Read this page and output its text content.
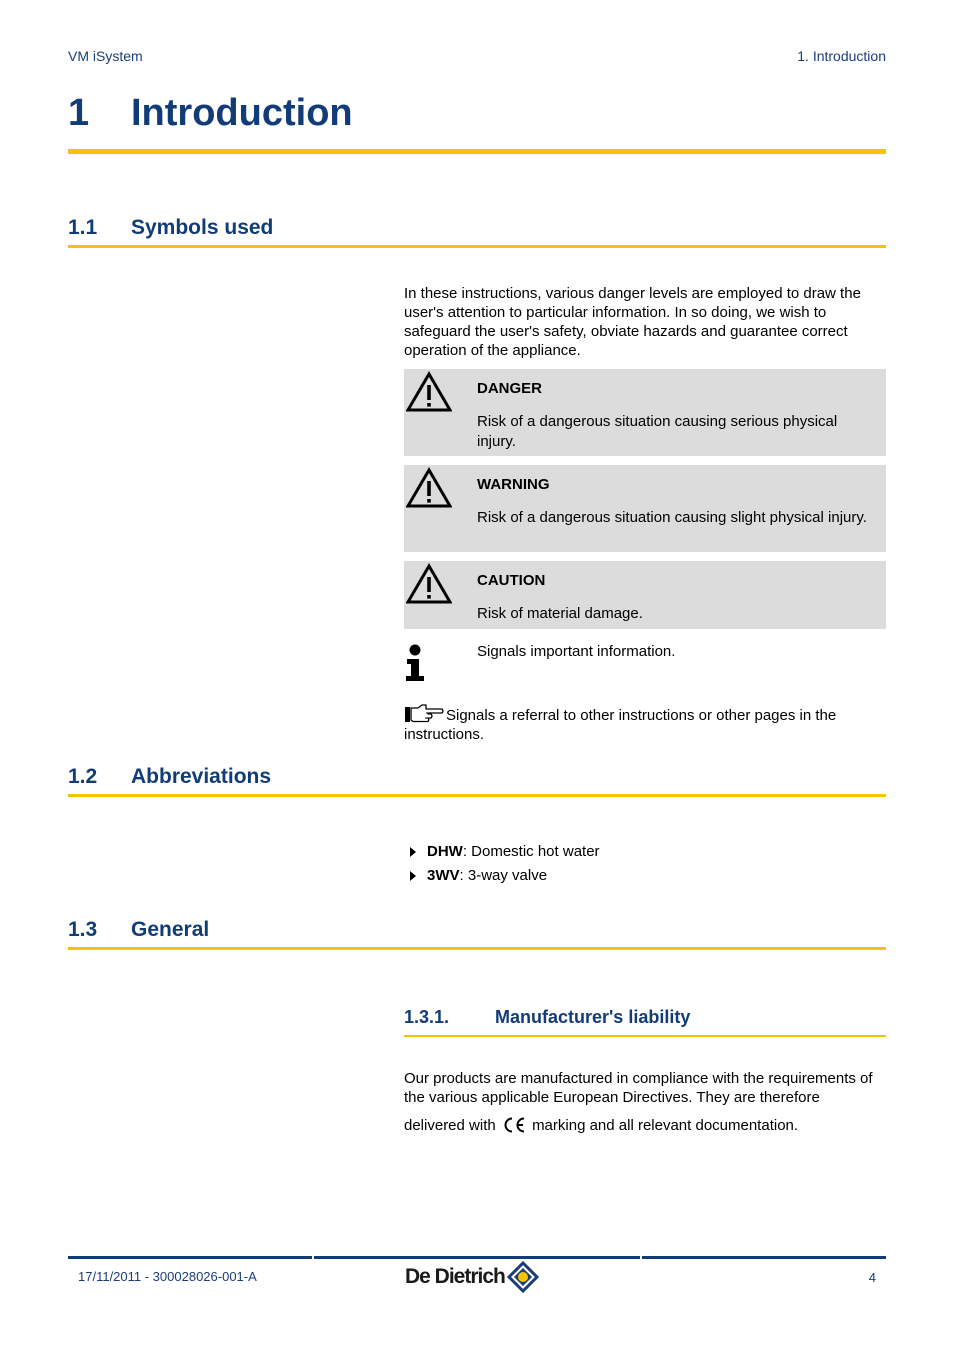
VM iSystem	1. Introduction
1 Introduction
1.1 Symbols used
In these instructions, various danger levels are employed to draw the user's attention to particular information. In so doing, we wish to safeguard the user's safety, obviate hazards and guarantee correct operation of the appliance.
DANGER
Risk of a dangerous situation causing serious physical injury.
WARNING
Risk of a dangerous situation causing slight physical injury.
CAUTION
Risk of material damage.
Signals important information.
Signals a referral to other instructions or other pages in the instructions.
1.2 Abbreviations
DHW: Domestic hot water
3WV: 3-way valve
1.3 General
1.3.1.	Manufacturer's liability
Our products are manufactured in compliance with the requirements of the various applicable European Directives. They are therefore
delivered with marking and all relevant documentation.
17/11/2011 - 300028026-001-A	De Dietrich	4
